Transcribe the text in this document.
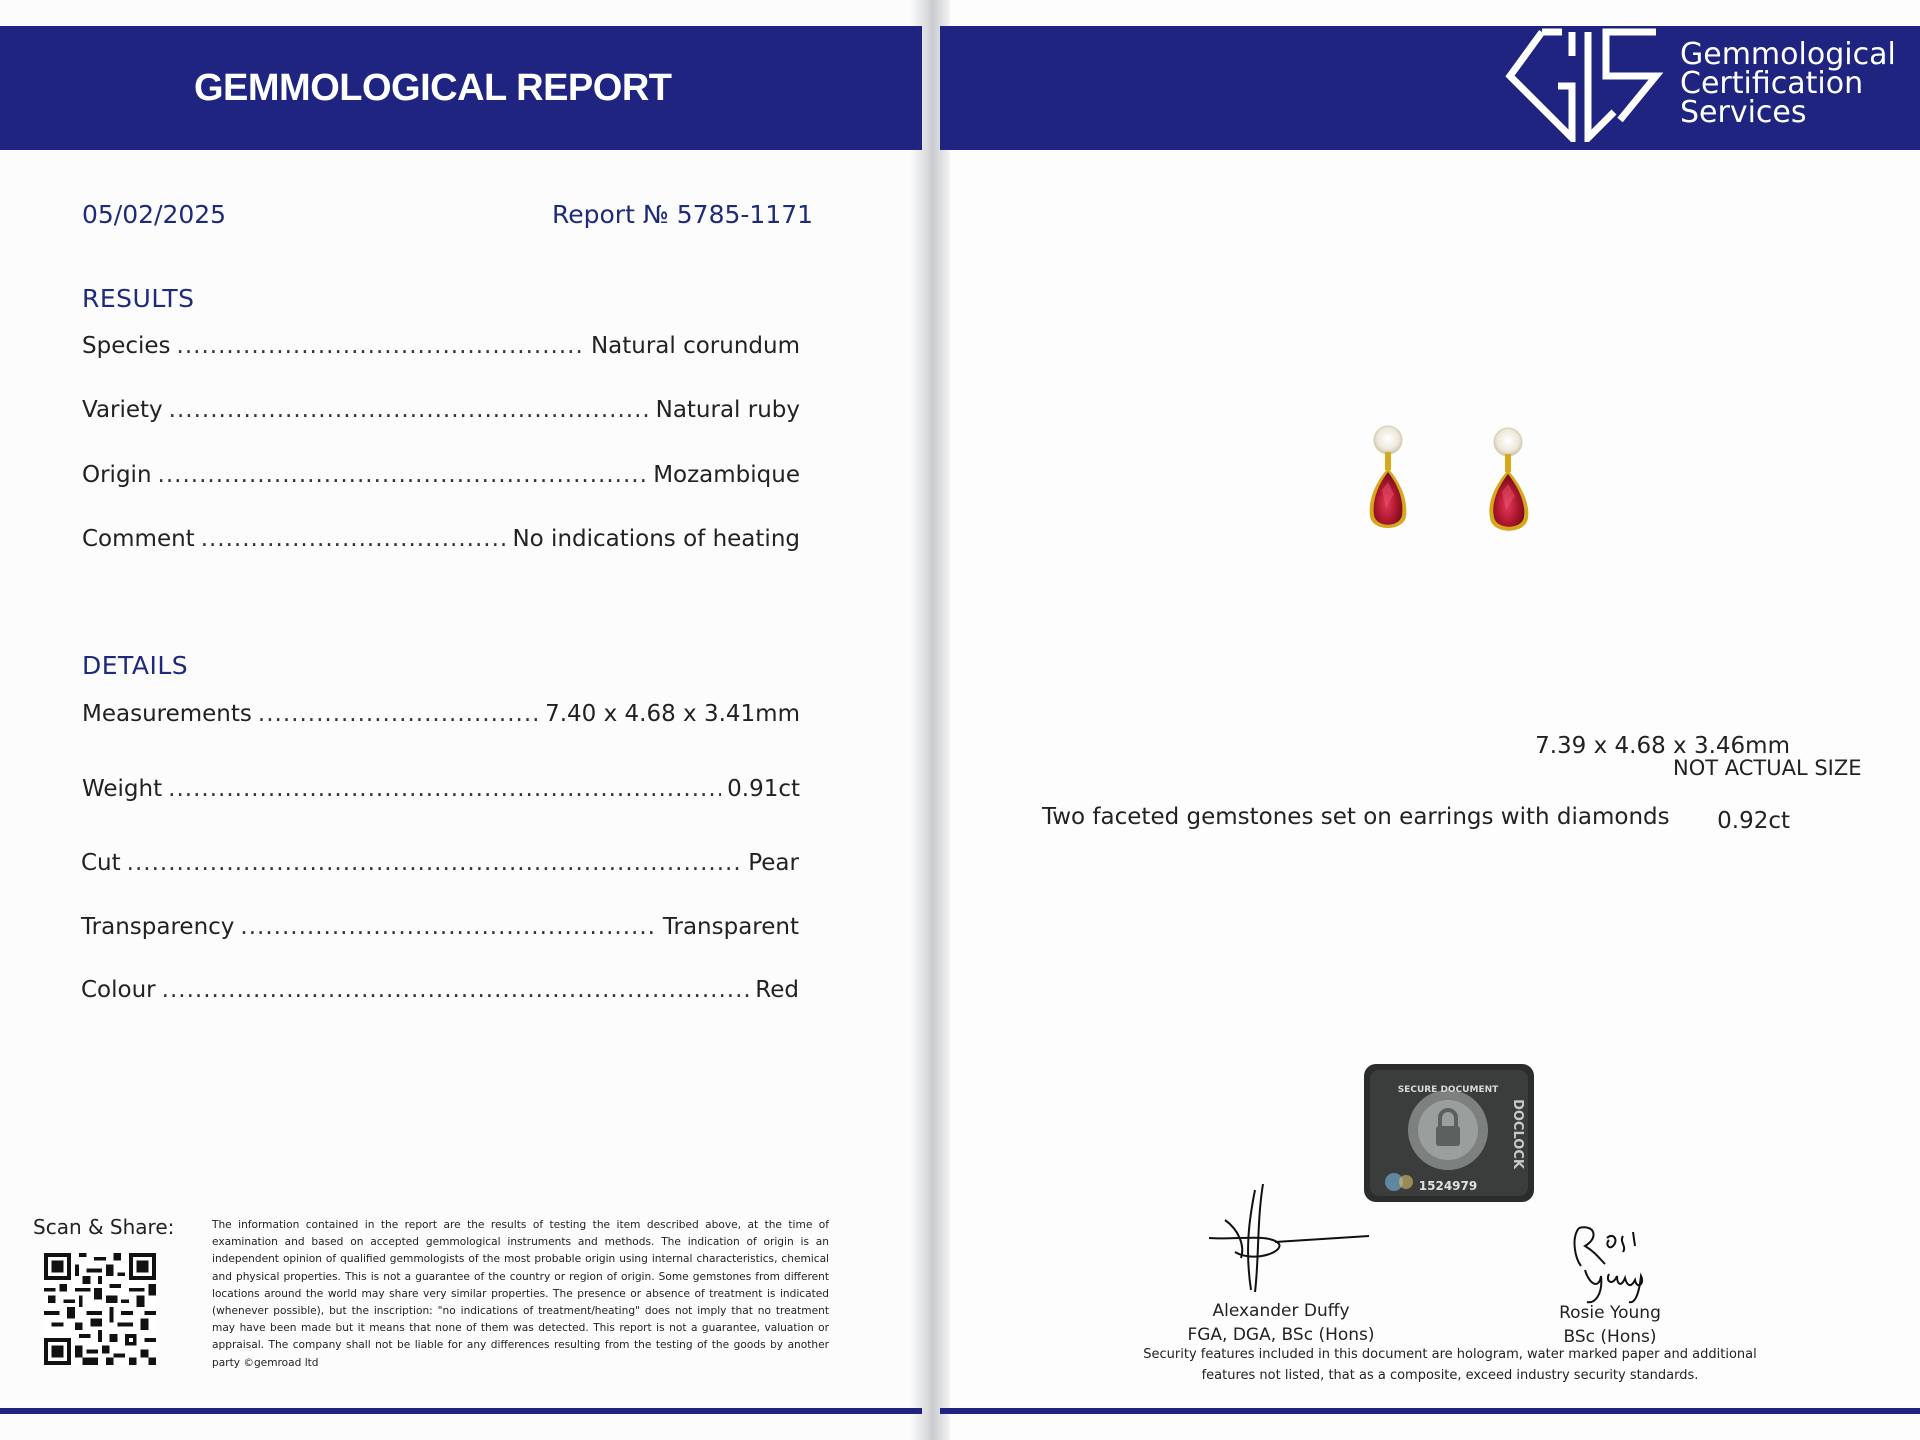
GEMMOLOGICAL REPORT
Gemmological
Certification
Services
05/02/2025	Report № 5785-1171
RESULTS
Species .....	Natural corundum
Variety .....	Natural ruby
Origin .....	Mozambique
Comment .....	No indications of heating
DETAILS
Measurements .....	7.40 x 4.68 x 3.41mm
7.39 x 4.68 x 3.46mm
Weight .....	0.91ct
0.92ct
Cut .....	Pear
Transparency .....	Transparent
Colour .....	Red
Scan & Share:	The information contained in the report are the results of testing the item described above, at the time of examination and based on accepted gemmological instruments and methods. The indication of origin is an independent opinion of qualified gemmologists of the most probable origin using internal characteristics, chemical and physical properties. This is not a guarantee of the country or region of origin. Some gemstones from different locations around the world may share very similar properties. The presence or absence of treatment is indicated (whenever possible), but the inscription: "no indications of treatment/heating" does not imply that no treatment may have been made but it means that none of them was detected. This report is not a guarantee, valuation or appraisal. The company shall not be liable for any differences resulting from the testing of the goods by another party ©gemroad ltd
NOT ACTUAL SIZE
Two faceted gemstones set on earrings with diamonds
DOCLOCK
SECURE DOCUMENT
1524979
Alexander Duffy
FGA, DGA, BSc (Hons)
Rosie Young
BSc (Hons)
Security features included in this document are hologram, water marked paper and additional features not listed, that as a composite, exceed industry security standards.
